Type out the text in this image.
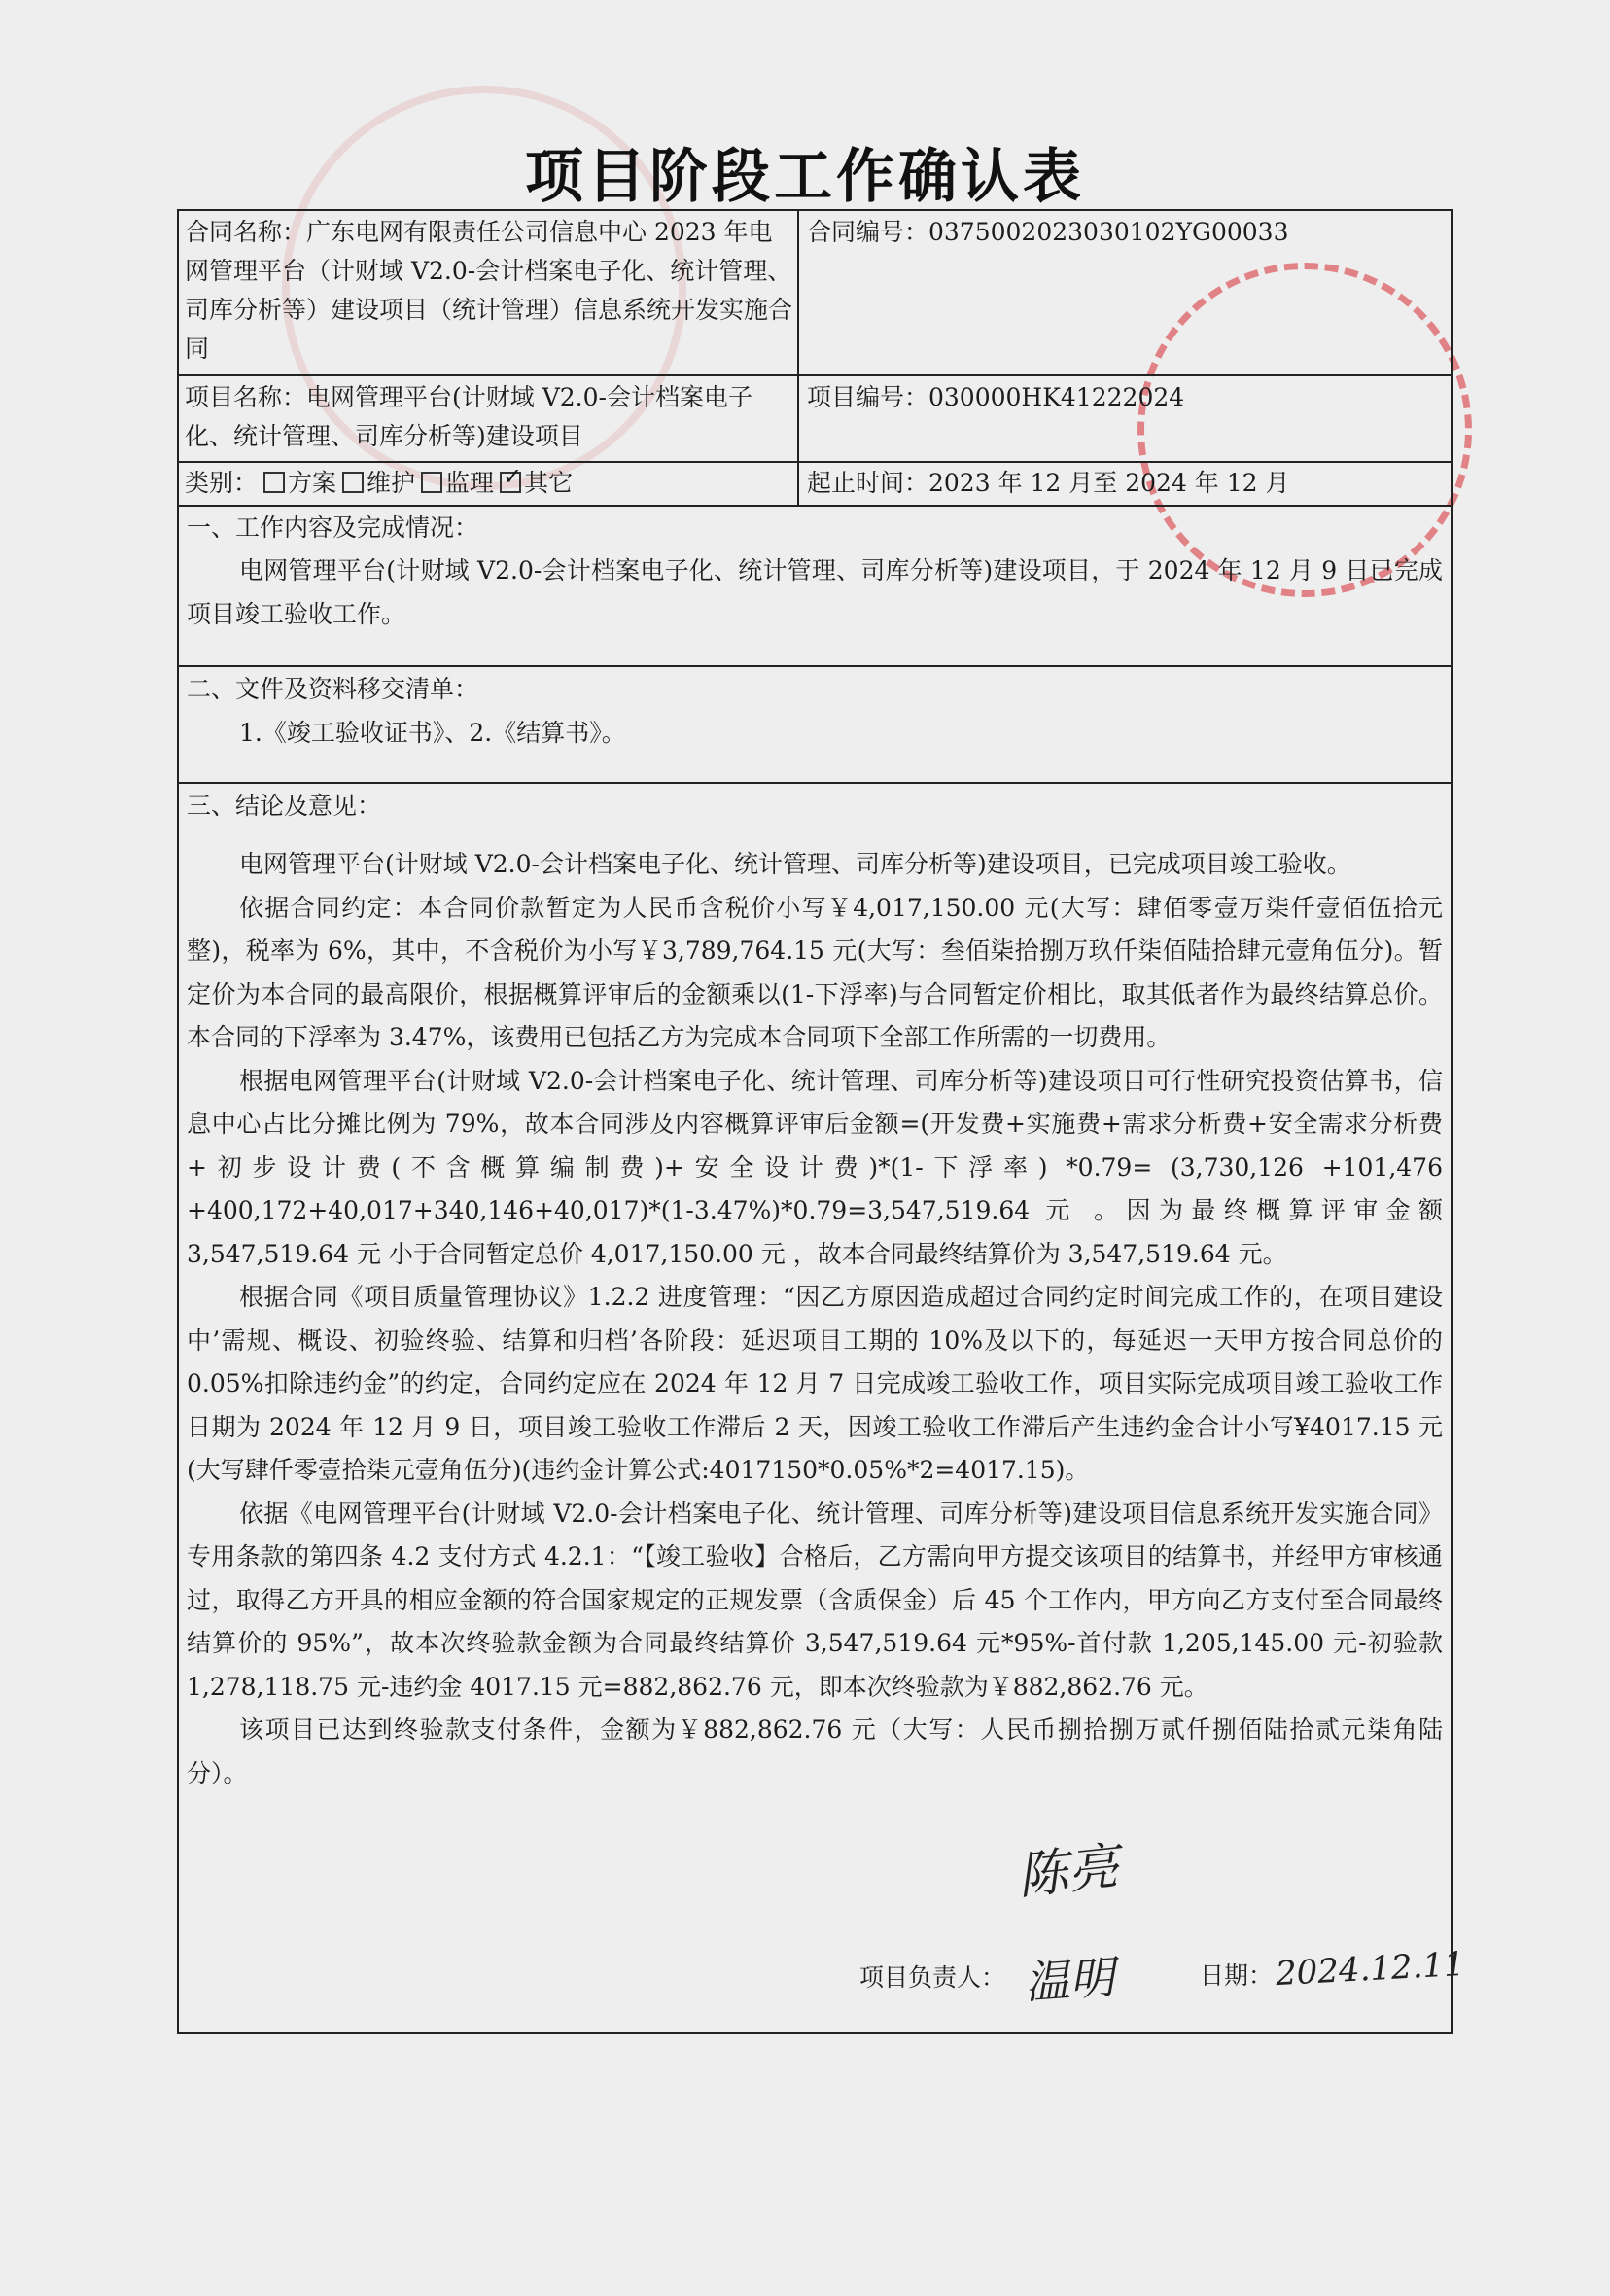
项目阶段工作确认表
合同名称：广东电网有限责任公司信息中心 2023 年电网管理平台（计财域 V2.0-会计档案电子化、统计管理、司库分析等）建设项目（统计管理）信息系统开发实施合同
合同编号：0375002023030102YG00033
项目名称：电网管理平台(计财域 V2.0-会计档案电子化、统计管理、司库分析等)建设项目
项目编号：030000HK41222024
类别： 方案 维护 监理✓ 其它	起止时间：2023 年 12 月至 2024 年 12 月
一、工作内容及完成情况：

电网管理平台(计财域 V2.0-会计档案电子化、统计管理、司库分析等)建设项目，于 2024 年 12 月 9 日已完成项目竣工验收工作。

二、文件及资料移交清单：

1.《竣工验收证书》、2.《结算书》。

三、结论及意见：

电网管理平台(计财域 V2.0-会计档案电子化、统计管理、司库分析等)建设项目，已完成项目竣工验收。

依据合同约定：本合同价款暂定为人民币含税价小写￥4,017,150.00 元(大写：肆佰零壹万柒仟壹佰伍拾元整)，税率为 6%，其中，不含税价为小写￥3,789,764.15 元(大写：叁佰柒拾捌万玖仟柒佰陆拾肆元壹角伍分)。暂定价为本合同的最高限价，根据概算评审后的金额乘以(1-下浮率)与合同暂定价相比，取其低者作为最终结算总价。本合同的下浮率为 3.47%，该费用已包括乙方为完成本合同项下全部工作所需的一切费用。

根据电网管理平台(计财域 V2.0-会计档案电子化、统计管理、司库分析等)建设项目可行性研究投资估算书，信息中心占比分摊比例为 79%，故本合同涉及内容概算评审后金额=(开发费+实施费+需求分析费+安全需求分析费+初步设计费(不含概算编制费)+安全设计费)*(1-下浮率) *0.79= (3,730,126 +101,476 +400,172+40,017+340,146+40,017)*(1-3.47%)*0.79=3,547,519.64 元 。因为最终概算评审金额 3,547,519.64 元 小于合同暂定总价 4,017,150.00 元 ，故本合同最终结算价为 3,547,519.64 元。

根据合同《项目质量管理协议》1.2.2 进度管理：“因乙方原因造成超过合同约定时间完成工作的，在项目建设中’需规、概设、初验终验、结算和归档’各阶段：延迟项目工期的 10%及以下的，每延迟一天甲方按合同总价的 0.05%扣除违约金”的约定，合同约定应在 2024 年 12 月 7 日完成竣工验收工作，项目实际完成项目竣工验收工作日期为 2024 年 12 月 9 日，项目竣工验收工作滞后 2 天，因竣工验收工作滞后产生违约金合计小写¥4017.15 元(大写肆仟零壹拾柒元壹角伍分)(违约金计算公式:4017150*0.05%*2=4017.15)。

依据《电网管理平台(计财域 V2.0-会计档案电子化、统计管理、司库分析等)建设项目信息系统开发实施合同》专用条款的第四条 4.2 支付方式 4.2.1：“【竣工验收】合格后，乙方需向甲方提交该项目的结算书，并经甲方审核通过，取得乙方开具的相应金额的符合国家规定的正规发票（含质保金）后 45 个工作内，甲方向乙方支付至合同最终结算价的 95%”，故本次终验款金额为合同最终结算价 3,547,519.64 元*95%-首付款 1,205,145.00 元-初验款 1,278,118.75 元-违约金 4017.15 元=882,862.76 元，即本次终验款为￥882,862.76 元。

该项目已达到终验款支付条件，金额为￥882,862.76 元（大写：人民币捌拾捌万贰仟捌佰陆拾贰元柒角陆分）。

陈亮
项目负责人： 温明	日期： 2024.12.11
